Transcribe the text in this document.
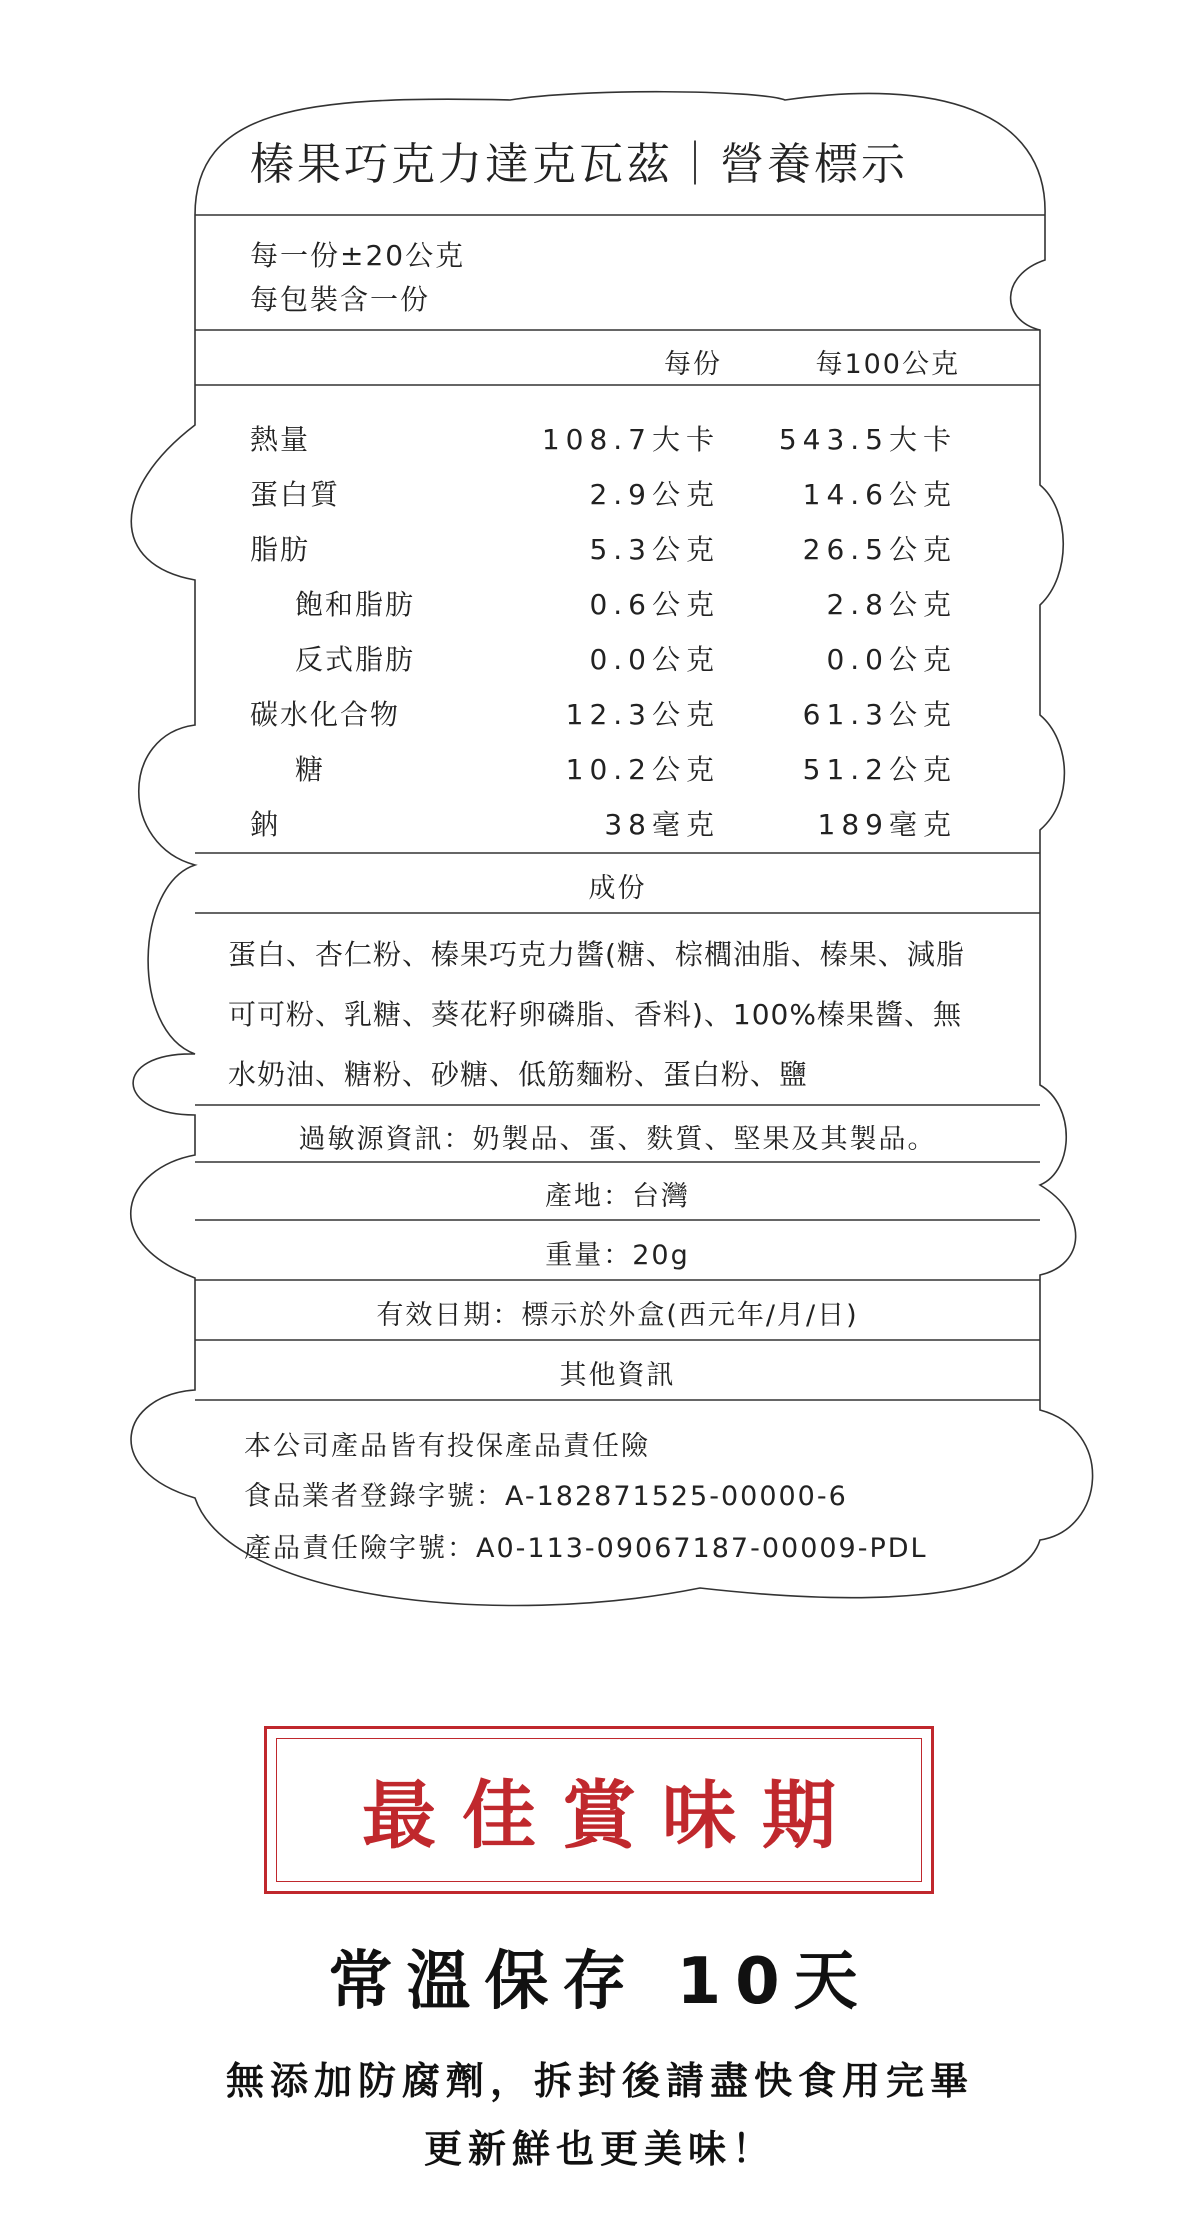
榛果巧克力達克瓦茲｜營養標示
每一份±20公克
每包裝含一份
每份	每100公克
熱量	108.7大卡 543.5大卡
蛋白質	2.9公克	14.6公克
脂肪	5.3公克	26.5公克
飽和脂肪	0.6公克	2.8公克
反式脂肪	0.0公克	0.0公克
碳水化合物	12.3公克	61.3公克
糖	10.2公克	51.2公克
鈉	38毫克	189毫克
成份
蛋白、杏仁粉、榛果巧克力醬(糖、棕櫚油脂、榛果、減脂
可可粉、乳糖、葵花籽卵磷脂、香料)、100%榛果醬、無
水奶油、糖粉、砂糖、低筋麵粉、蛋白粉、鹽
過敏源資訊：奶製品、蛋、麩質、堅果及其製品。
產地：台灣
重量：20g
有效日期：標示於外盒(西元年/月/日)
其他資訊
本公司產品皆有投保產品責任險
食品業者登錄字號：A-182871525-00000-6
產品責任險字號：A0-113-09067187-00009-PDL
最佳賞味期
常溫保存 10天
無添加防腐劑，拆封後請盡快食用完畢
更新鮮也更美味！
